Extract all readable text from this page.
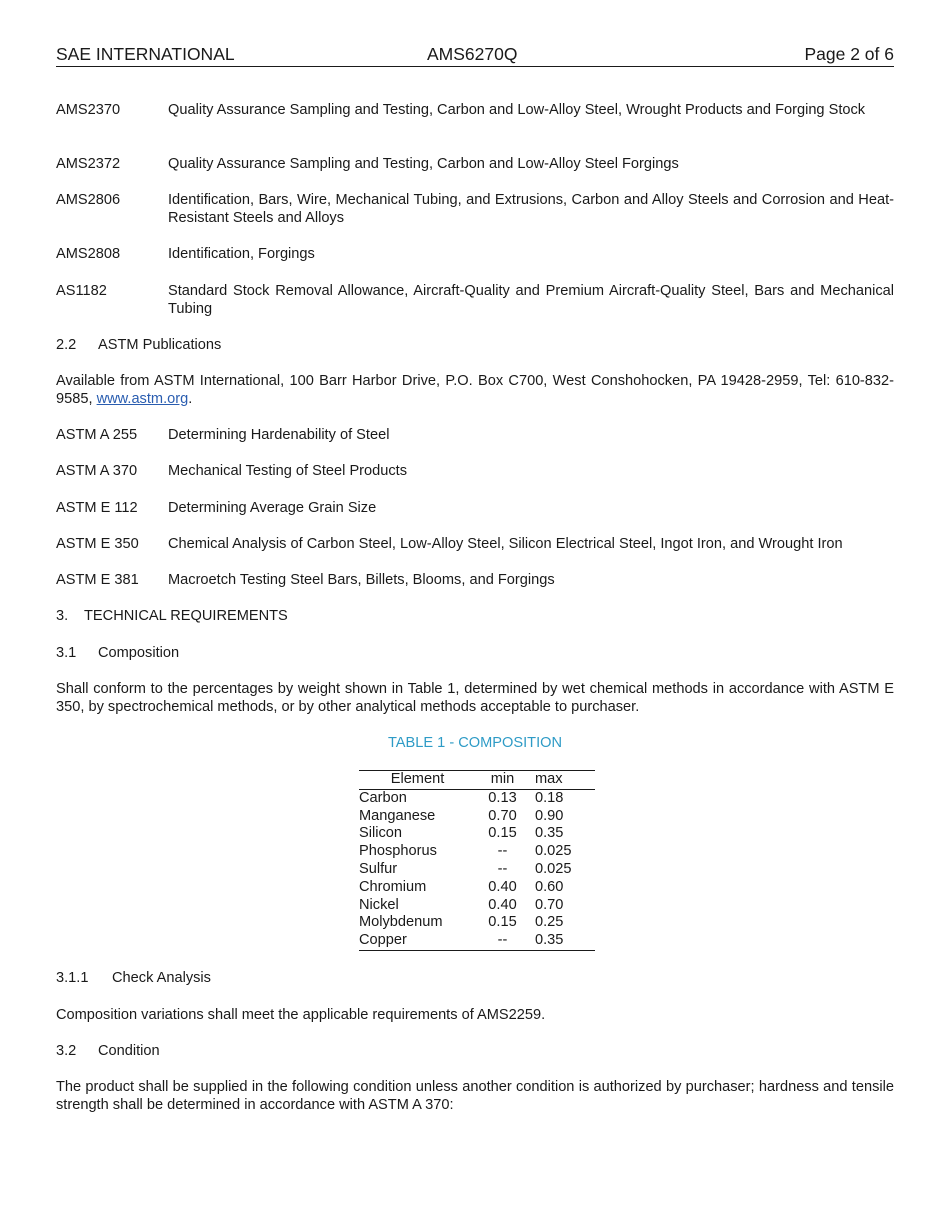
SAE INTERNATIONAL	AMS6270Q	Page 2 of 6
AMS2370	Quality Assurance Sampling and Testing, Carbon and Low-Alloy Steel, Wrought Products and Forging Stock
AMS2372	Quality Assurance Sampling and Testing, Carbon and Low-Alloy Steel Forgings
AMS2806	Identification, Bars, Wire, Mechanical Tubing, and Extrusions, Carbon and Alloy Steels and Corrosion and Heat-Resistant Steels and Alloys
AMS2808	Identification, Forgings
AS1182	Standard Stock Removal Allowance, Aircraft-Quality and Premium Aircraft-Quality Steel, Bars and Mechanical Tubing
2.2 ASTM Publications
Available from ASTM International, 100 Barr Harbor Drive, P.O. Box C700, West Conshohocken, PA 19428-2959, Tel: 610-832-9585, www.astm.org.
ASTM A 255	Determining Hardenability of Steel
ASTM A 370	Mechanical Testing of Steel Products
ASTM E 112	Determining Average Grain Size
ASTM E 350	Chemical Analysis of Carbon Steel, Low-Alloy Steel, Silicon Electrical Steel, Ingot Iron, and Wrought Iron
ASTM E 381	Macroetch Testing Steel Bars, Billets, Blooms, and Forgings
3. TECHNICAL REQUIREMENTS
3.1 Composition
Shall conform to the percentages by weight shown in Table 1, determined by wet chemical methods in accordance with ASTM E 350, by spectrochemical methods, or by other analytical methods acceptable to purchaser.
TABLE 1 - COMPOSITION
Element	min	max
Carbon	0.13	0.18
Manganese	0.70	0.90
Silicon	0.15	0.35
Phosphorus	--	0.025
Sulfur	--	0.025
Chromium	0.40	0.60
Nickel	0.40	0.70
Molybdenum	0.15	0.25
Copper	--	0.35
3.1.1 Check Analysis
Composition variations shall meet the applicable requirements of AMS2259.
3.2 Condition
The product shall be supplied in the following condition unless another condition is authorized by purchaser; hardness and tensile strength shall be determined in accordance with ASTM A 370:
